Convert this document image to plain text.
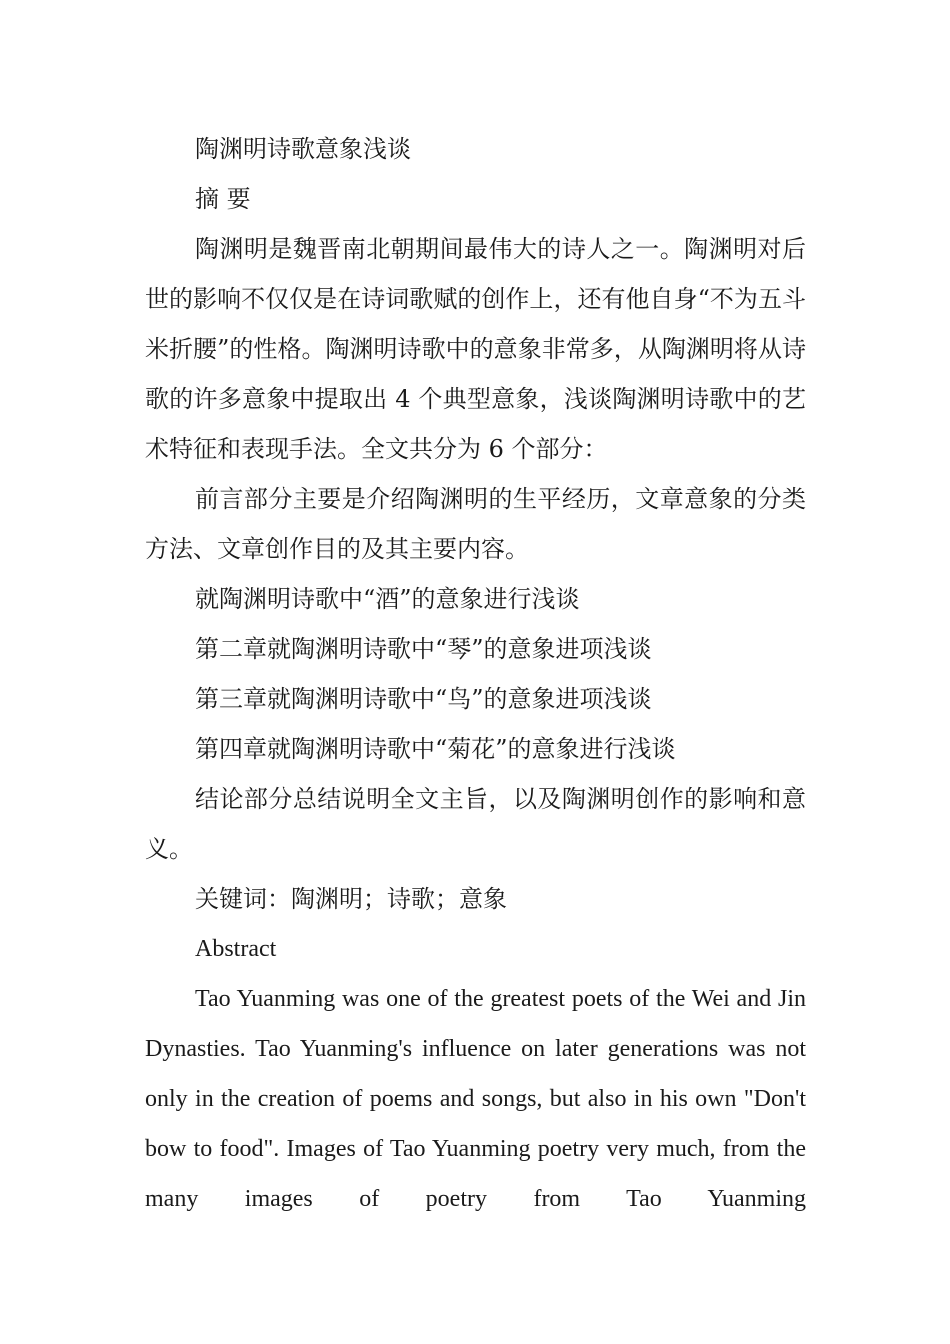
陶渊明诗歌意象浅谈

摘 要

陶渊明是魏晋南北朝期间最伟大的诗人之一。陶渊明对后世的影响不仅仅是在诗词歌赋的创作上，还有他自身“不为五斗米折腰”的性格。陶渊明诗歌中的意象非常多，从陶渊明将从诗歌的许多意象中提取出 4 个典型意象，浅谈陶渊明诗歌中的艺术特征和表现手法。全文共分为 6 个部分：

前言部分主要是介绍陶渊明的生平经历，文章意象的分类方法、文章创作目的及其主要内容。

就陶渊明诗歌中“酒”的意象进行浅谈

第二章就陶渊明诗歌中“琴”的意象进项浅谈

第三章就陶渊明诗歌中“鸟”的意象进项浅谈

第四章就陶渊明诗歌中“菊花”的意象进行浅谈

结论部分总结说明全文主旨，以及陶渊明创作的影响和意义。

关键词：陶渊明；诗歌；意象

Abstract

Tao Yuanming was one of the greatest poets of the Wei and Jin Dynasties. Tao Yuanming's influence on later generations was not only in the creation of poems and songs, but also in his own "Don't bow to food". Images of Tao Yuanming poetry very much, from the many images of poetry from Tao Yuanming
